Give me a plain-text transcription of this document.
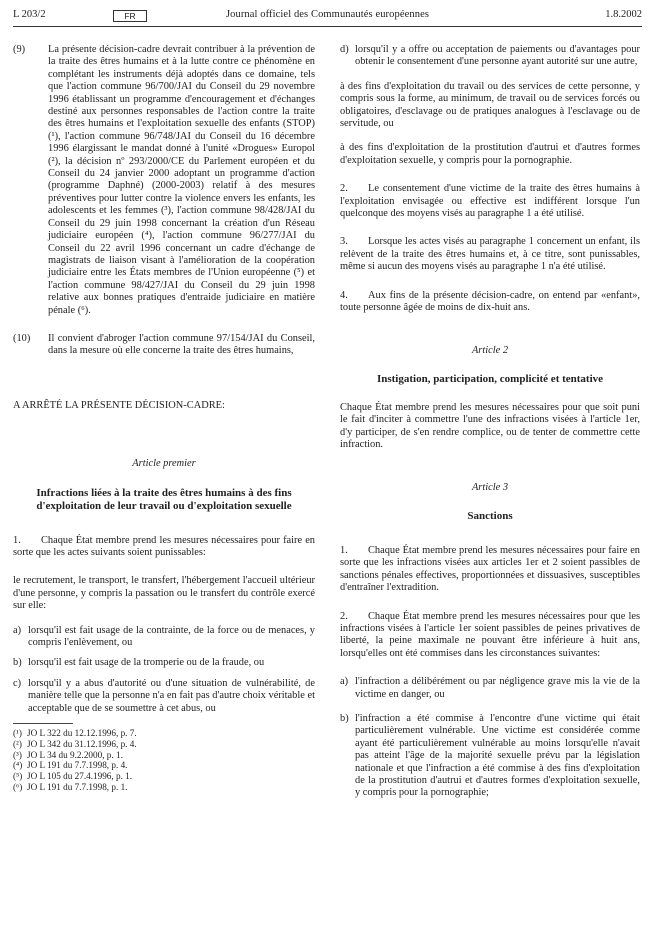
L 203/2	FR	Journal officiel des Communautés européennes	1.8.2002
(9)	La présente décision-cadre devrait contribuer à la prévention de la traite des êtres humains et à la lutte contre ce phénomène en complétant les instruments déjà adoptés dans ce domaine, tels que l'action commune 96/700/JAI du Conseil du 29 novembre 1996 établissant un programme d'encouragement et d'échanges destiné aux personnes responsables de l'action contre la traite des êtres humains et l'exploitation sexuelle des enfants (STOP) (¹), l'action commune 96/748/JAI du Conseil du 16 décembre 1996 élargissant le mandat donné à l'unité «Drogues» Europol (²), la décision nº 293/2000/CE du Parlement européen et du Conseil du 24 janvier 2000 adoptant un programme d'action (programme Daphné) (2000-2003) relatif à des mesures préventives pour lutter contre la violence envers les enfants, les adolescents et les femmes (³), l'action commune 98/428/JAI du Conseil du 29 juin 1998 concernant la création d'un Réseau judiciaire européen (⁴), l'action commune 96/277/JAI du Conseil du 22 avril 1996 concernant un cadre d'échange de magistrats de liaison visant à l'amélioration de la coopération judiciaire entre les États membres de l'Union européenne (⁵) et l'action commune 98/427/JAI du Conseil du 29 juin 1998 relative aux bonnes pratiques d'entraide judiciaire en matière pénale (⁶).

(10)	Il convient d'abroger l'action commune 97/154/JAI du Conseil, dans la mesure où elle concerne la traite des êtres humains,

A ARRÊTÉ LA PRÉSENTE DÉCISION-CADRE:

Article premier

Infractions liées à la traite des êtres humains à des fins d'exploitation de leur travail ou d'exploitation sexuelle

1. Chaque État membre prend les mesures nécessaires pour faire en sorte que les actes suivants soient punissables:

le recrutement, le transport, le transfert, l'hébergement l'accueil ultérieur d'une personne, y compris la passation ou le transfert du contrôle exercé sur elle:

a) lorsqu'il est fait usage de la contrainte, de la force ou de menaces, y compris l'enlèvement, ou

b) lorsqu'il est fait usage de la tromperie ou de la fraude, ou

c) lorsqu'il y a abus d'autorité ou d'une situation de vulnérabilité, de manière telle que la personne n'a en fait pas d'autre choix véritable et acceptable que de se soumettre à cet abus, ou

(¹) JO L 322 du 12.12.1996, p. 7.
(²) JO L 342 du 31.12.1996, p. 4.
(³) JO L 34 du 9.2.2000, p. 1.
(⁴) JO L 191 du 7.7.1998, p. 4.
(⁵) JO L 105 du 27.4.1996, p. 1.
(⁶) JO L 191 du 7.7.1998, p. 1.
d) lorsqu'il y a offre ou acceptation de paiements ou d'avantages pour obtenir le consentement d'une personne ayant autorité sur une autre,

à des fins d'exploitation du travail ou des services de cette personne, y compris sous la forme, au minimum, de travail ou de services forcés ou obligatoires, d'esclavage ou de pratiques analogues à l'esclavage ou de servitude, ou

à des fins d'exploitation de la prostitution d'autrui et d'autres formes d'exploitation sexuelle, y compris pour la pornographie.

2. Le consentement d'une victime de la traite des êtres humains à l'exploitation envisagée ou effective est indifférent lorsque l'un quelconque des moyens visés au paragraphe 1 a été utilisé.

3. Lorsque les actes visés au paragraphe 1 concernent un enfant, ils relèvent de la traite des êtres humains et, à ce titre, sont punissables, même si aucun des moyens visés au paragraphe 1 n'a été utilisé.

4. Aux fins de la présente décision-cadre, on entend par «enfant», toute personne âgée de moins de dix-huit ans.

Article 2

Instigation, participation, complicité et tentative

Chaque État membre prend les mesures nécessaires pour que soit puni le fait d'inciter à commettre l'une des infractions visées à l'article 1er, d'y participer, de s'en rendre complice, ou de tenter de commettre cette infraction.

Article 3

Sanctions

1. Chaque État membre prend les mesures nécessaires pour faire en sorte que les infractions visées aux articles 1er et 2 soient passibles de sanctions pénales effectives, proportionnées et dissuasives, susceptibles d'entraîner l'extradition.

2. Chaque État membre prend les mesures nécessaires pour que les infractions visées à l'article 1er soient passibles de peines privatives de liberté, la peine maximale ne pouvant être inférieure à huit ans, lorsqu'elles ont été commises dans les circonstances suivantes:

a) l'infraction a délibérément ou par négligence grave mis la vie de la victime en danger, ou

b) l'infraction a été commise à l'encontre d'une victime qui était particulièrement vulnérable. Une victime est considérée comme ayant été particulièrement vulnérable au moins lorsqu'elle n'avait pas atteint l'âge de la majorité sexuelle prévu par la législation nationale et que l'infraction a été commise à des fins d'exploitation de la prostitution d'autrui et d'autres formes d'exploitation sexuelle, y compris pour la pornographie;
